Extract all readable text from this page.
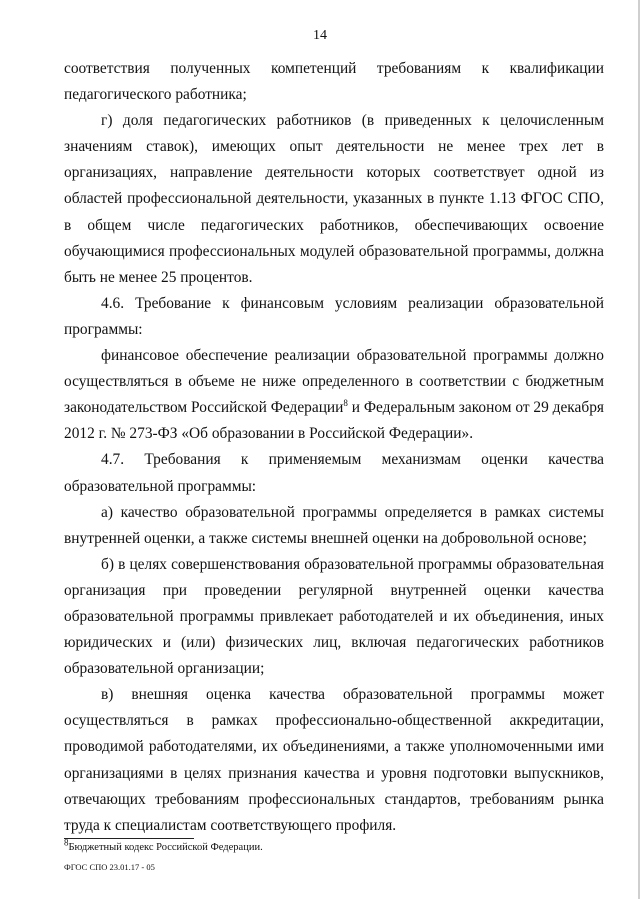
14

соответствия полученных компетенций требованиям к квалификации педагогического работника;

г) доля педагогических работников (в приведенных к целочисленным значениям ставок), имеющих опыт деятельности не менее трех лет в организациях, направление деятельности которых соответствует одной из областей профессиональной деятельности, указанных в пункте 1.13 ФГОС СПО, в общем числе педагогических работников, обеспечивающих освоение обучающимися профессиональных модулей образовательной программы, должна быть не менее 25 процентов.

4.6. Требование к финансовым условиям реализации образовательной программы:

финансовое обеспечение реализации образовательной программы должно осуществляться в объеме не ниже определенного в соответствии с бюджетным законодательством Российской Федерации$^8$ и Федеральным законом от 29 декабря 2012 г. № 273-ФЗ «Об образовании в Российской Федерации».

4.7. Требования к применяемым механизмам оценки качества образовательной программы:

а) качество образовательной программы определяется в рамках системы внутренней оценки, а также системы внешней оценки на добровольной основе;

б) в целях совершенствования образовательной программы образовательная организация при проведении регулярной внутренней оценки качества образовательной программы привлекает работодателей и их объединения, иных юридических и (или) физических лиц, включая педагогических работников образовательной организации;

в) внешняя оценка качества образовательной программы может осуществляться в рамках профессионально-общественной аккредитации, проводимой работодателями, их объединениями, а также уполномоченными ими организациями в целях признания качества и уровня подготовки выпускников, отвечающих требованиям профессиональных стандартов, требованиям рынка труда к специалистам соответствующего профиля.

$^8$Бюджетный кодекс Российской Федерации.
ФГОС СПО 23.01.17 - 05
